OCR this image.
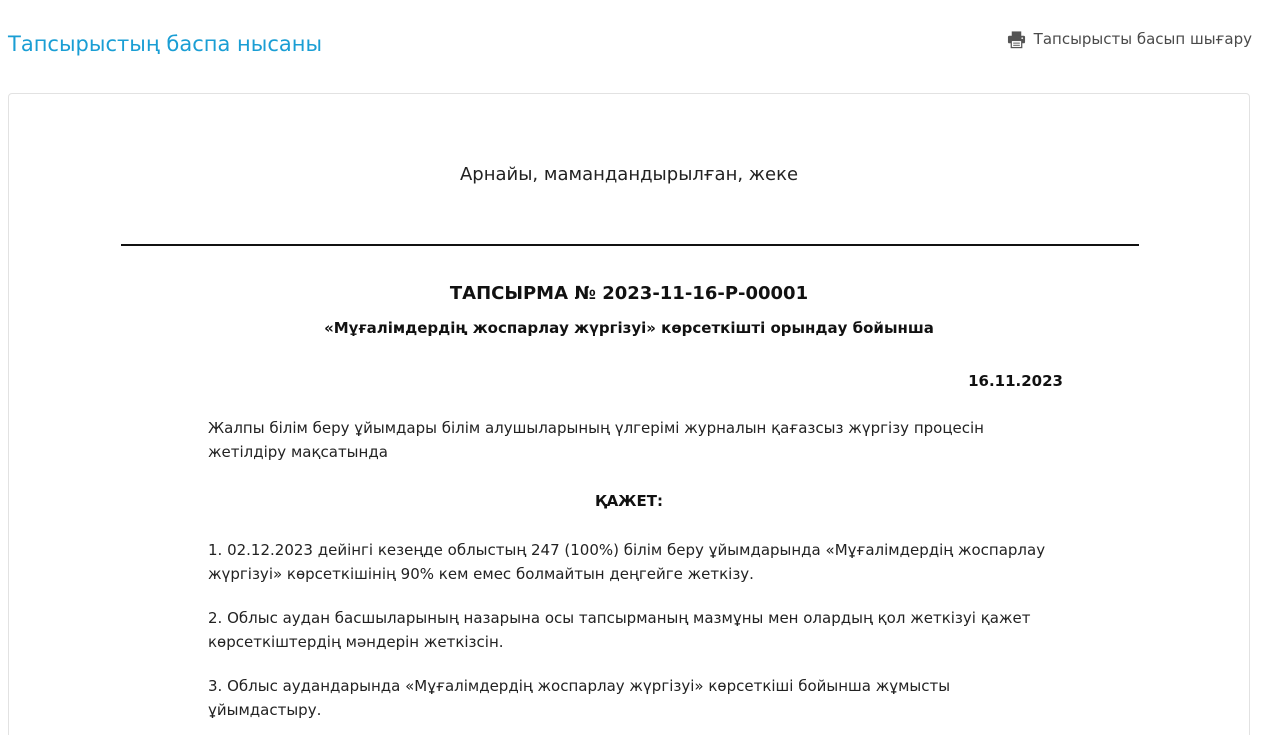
Тапсырыстың баспа нысаны	Тапсырысты басып шығару
Арнайы, мамандандырылған, жеке
ТАПСЫРМА № 2023-11-16-Р-00001
«Мұғалімдердің жоспарлау жүргізуі» көрсеткішті орындау бойынша
16.11.2023
Жалпы білім беру ұйымдары білім алушыларының үлгерімі журналын қағазсыз жүргізу процесін жетілдіру мақсатында
ҚАЖЕТ:
1. 02.12.2023 дейінгі кезеңде облыстың 247 (100%) білім беру ұйымдарында «Мұғалімдердің жоспарлау жүргізуі» көрсеткішінің 90% кем емес болмайтын деңгейге жеткізу.
2. Облыс аудан басшыларының назарына осы тапсырманың мазмұны мен олардың қол жеткізуі қажет көрсеткіштердің мәндерін жеткізсін.
3. Облыс аудандарында «Мұғалімдердің жоспарлау жүргізуі» көрсеткіші бойынша жұмысты ұйымдастыру.
